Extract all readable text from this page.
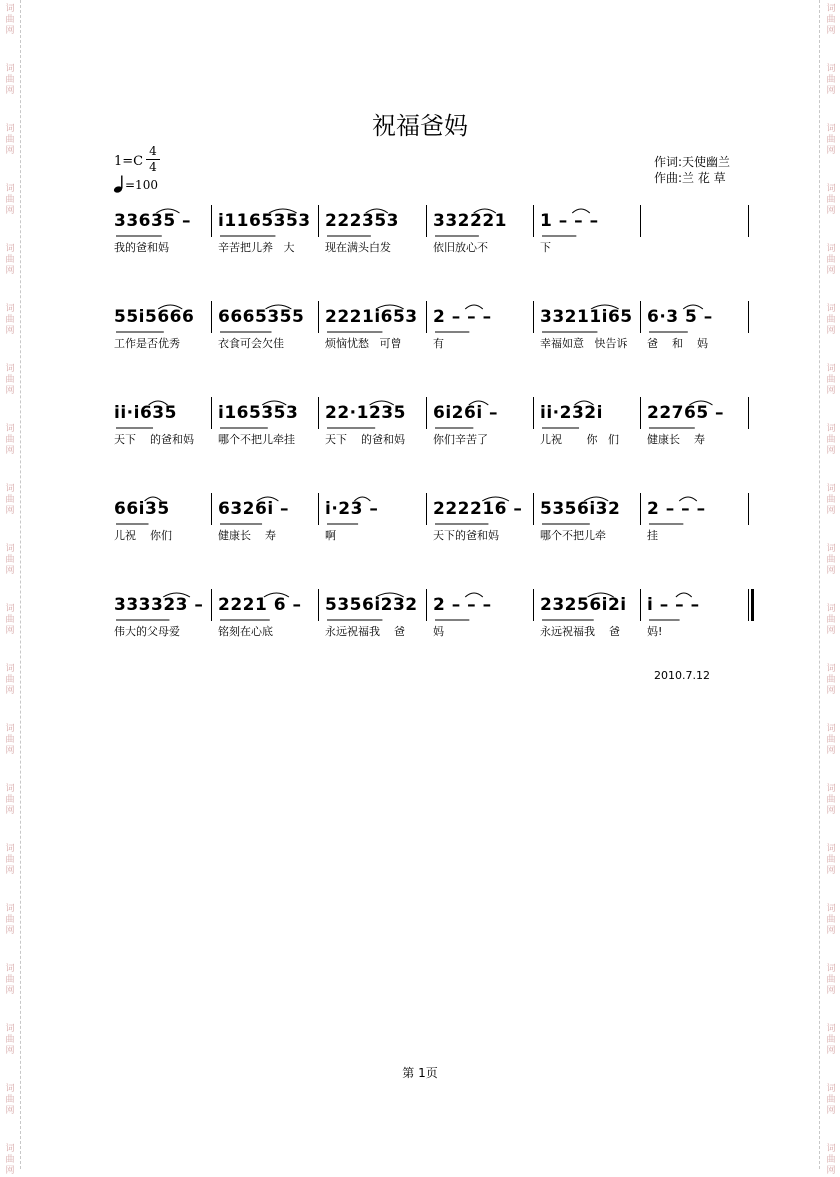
词
曲
网
词
曲
网
词
曲
网
词
曲
网
词
曲
网
词
曲
网
词
曲
网
词
曲
网
词
曲
网
词
曲
网
词
曲
网
词
曲
网
词
曲
网
词
曲
网
词
曲
网
词
曲
网
词
曲
网
词
曲
网
词
曲
网
词
曲
网
词
曲
网
词
曲
网
词
曲
网
词
曲
网
词
曲
网
词
曲
网
词
曲
网
词
曲
网
词
曲
网
词
曲
网
词
曲
网
词
曲
网
词
曲
网
词
曲
网
词
曲
网
词
曲
网
词
曲
网
词
曲
网
词
曲
网
词
曲
网
祝福爸妈
1=C
4
4
=100
作词:天使幽兰
作曲:兰 花 草
33635 –
我的爸和妈
i1165353
辛苦把儿养   大
222353
现在满头白发
332221
依旧放心不
1 – – –
下
55i5666
工作是否优秀
6665355
衣食可会欠佳
2221i653
烦恼忧愁   可曾
2 – – –
有
33211i65
幸福如意   快告诉
6·3 5 –
爸    和    妈
ii·i635
天下    的爸和妈
i165353
哪个不把儿牵挂
22·1235
天下    的爸和妈
6i26i –
你们辛苦了
ii·232i
儿祝       你   们
22765 –
健康长    寿
66i35
儿祝    你们
6326i –
健康长    寿
i·23 –
啊
222216 –
天下的爸和妈
5356i32
哪个不把儿牵
2 – – –
挂
333323 –
伟大的父母爱
2221 6 –
铭刻在心底
5356i232
永远祝福我    爸
2 – – –
妈
23256i2i
永远祝福我    爸
i – – –
妈!
2010.7.12
第 1页
